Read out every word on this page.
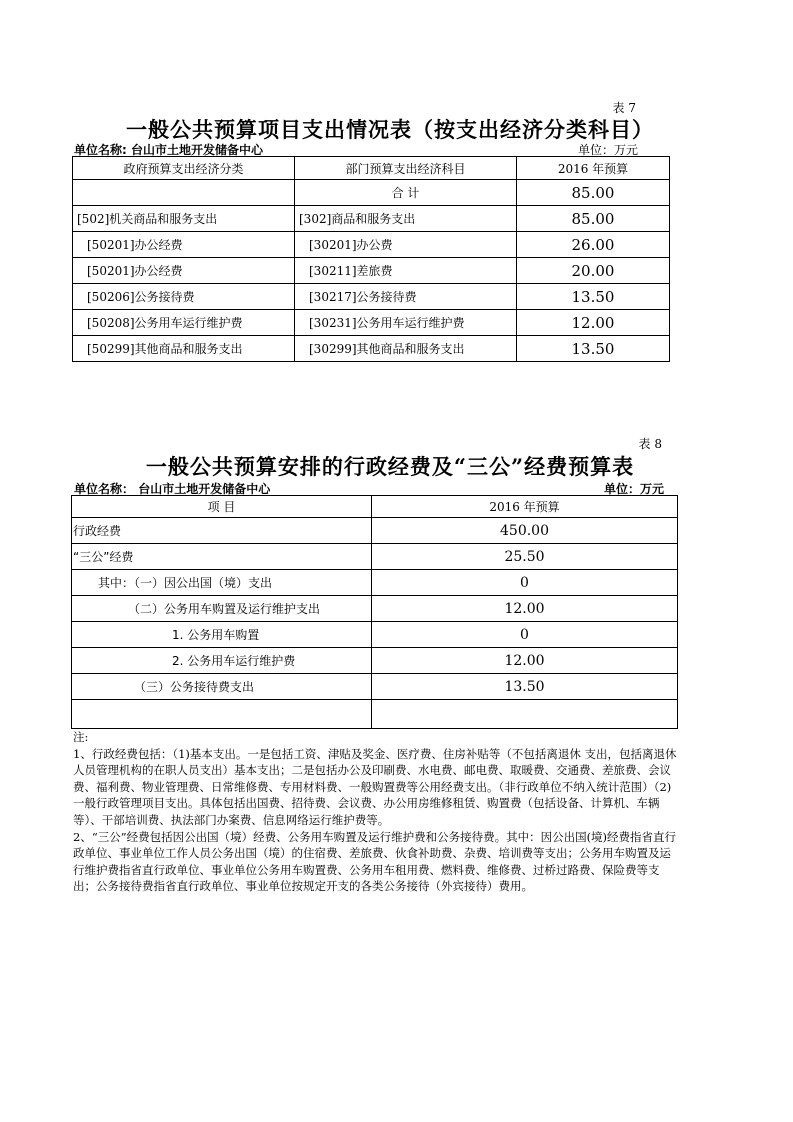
表 7
一般公共预算项目支出情况表（按支出经济分类科目）
单位名称: 台山市土地开发储备中心	单位：万元
政府预算支出经济分类	部门预算支出经济科目	2016 年预算
	合 计	85.00
[502]机关商品和服务支出	[302]商品和服务支出	85.00
[50201]办公经费	[30201]办公费	26.00
[50201]办公经费	[30211]差旅费	20.00
[50206]公务接待费	[30217]公务接待费	13.50
[50208]公务用车运行维护费	[30231]公务用车运行维护费	12.00
[50299]其他商品和服务支出	[30299]其他商品和服务支出	13.50
表 8
一般公共预算安排的行政经费及“三公”经费预算表
单位名称： 台山市土地开发储备中心	单位：万元
项 目	2016 年预算
行政经费	450.00
“三公”经费	25.50
其中：（一）因公出国（境）支出	0
（二）公务用车购置及运行维护支出	12.00
1. 公务用车购置	0
2. 公务用车运行维护费	12.00
（三）公务接待费支出	13.50

注:

1、行政经费包括：（1)基本支出。一是包括工资、津贴及奖金、医疗费、住房补贴等（不包括离退休 支出，包括离退休人员管理机构的在职人员支出）基本支出；二是包括办公及印刷费、水电费、邮电费、取暖费、交通费、差旅费、会议费、福利费、物业管理费、日常维修费、专用材料费、一般购置费等公用经费支出。（非行政单位不纳入统计范围）（2)一般行政管理项目支出。具体包括出国费、招待费、会议费、办公用房维修租赁、购置费（包括设备、计算机、车辆等）、干部培训费、执法部门办案费、信息网络运行维护费等。

2、“三公”经费包括因公出国（境）经费、公务用车购置及运行维护费和公务接待费。其中：因公出国(境)经费指省直行政单位、事业单位工作人员公务出国（境）的住宿费、差旅费、伙食补助费、杂费、培训费等支出；公务用车购置及运行维护费指省直行政单位、事业单位公务用车购置费、公务用车租用费、燃料费、维修费、过桥过路费、保险费等支出；公务接待费指省直行政单位、事业单位按规定开支的各类公务接待（外宾接待）费用。
